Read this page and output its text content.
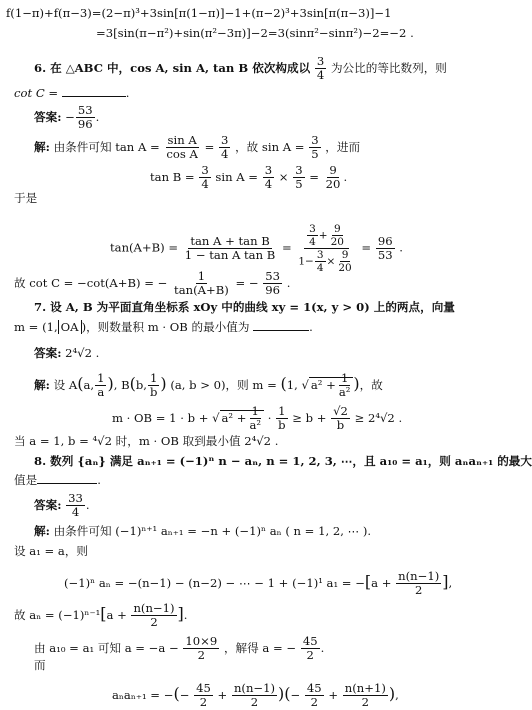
f(1−π)+f(π−3)=(2−π)³+3sin[π(1−π)]−1+(π−2)³+3sin[π(π−3)]−1
=3[sin(π−π²)+sin(π²−3π)]−2=3(sinπ²−sinπ²)−2=−2 .
6. 在 △ABC 中，cos A, sin A, tan B 依次构成以 $\frac{3}{4}$ 为公比的等比数列，则
cot C =	.
答案: − $\frac{53}{96}$ .
解: 由条件可知 $\tan A = \frac{\text{sin A}}{\text{cos A}} = \frac{3}{4}$ ，故 $\sin A = \frac{3}{5}$ ，进而
$\tan B = \frac{3}{4}$ $\sin A = \frac{3}{4} \times \frac{3}{5} = \frac{9}{20}$ .
于是
$\tan(A+B) = \frac{\text{tan A + tan B}}{\text{1 − tan A tan B}} = \frac{\frac{3}{4} + \frac{9}{20}}{1- \frac{3}{4} \times \frac{9}{20}} = \frac{96}{53}$ .
故 cot C = −cot(A+B) = − $\frac{1}{\tan(A+B)}$ = − $\frac{53}{96}$ .
7. 设 A, B 为平面直角坐标系 xOy 中的曲线 xy = 1(x, y > 0) 上的两点，向量
m = (1, OA )，则数量积 m · OB 的最小值为	.
答案: 2⁴√2 .
解: 设 A(a, $\frac{1}{a}$ ), B(b, $\frac{1}{b}$ ) (a, b > 0)，则 m = (1, √ $a^2 + \frac{1}{\text{a²}}$ )，故
m · OB = 1 · b + √ $a^2 + \frac{1}{\text{a²}} \cdot \frac{1}{b} \ge b + \frac{√2}{b} \ge 2^4√2$ .
当 a = 1, b = ⁴√2 时，m · OB 取到最小值 2⁴√2 .
8. 数列 {aₙ} 满足 aₙ₊₁ = (−1)ⁿ n − aₙ, n = 1, 2, 3, ⋯，且 a₁₀ = a₁，则 aₙaₙ₊₁ 的最大
值是	.
答案: $\frac{33}{4}$ .
解: 由条件可知 (−1)ⁿ⁺¹ aₙ₊₁ = −n + (−1)ⁿ aₙ ( n = 1, 2, ⋯ ).
设 a₁ = a，则
(−1)ⁿ aₙ = −(n−1) − (n−2) − ⋯ − 1 + (−1)¹ $a_1 = -[a + \frac{n(n-1)}{2}$ ],
故 $a_n = (-1)^{n-1}[a + \frac{n(n-1)}{2}$ ].
由 a₁₀ = a₁ 可知 $a = -a - \frac{10\times 9}{2}$ ，解得 a = − $\frac{45}{2}$ .
而
aₙaₙ₊₁ = −(− $\frac{45}{2} + \frac{n(n-1)}{2}$ )(− $\frac{45}{2} + \frac{n(n+1)}{2}$ ),
